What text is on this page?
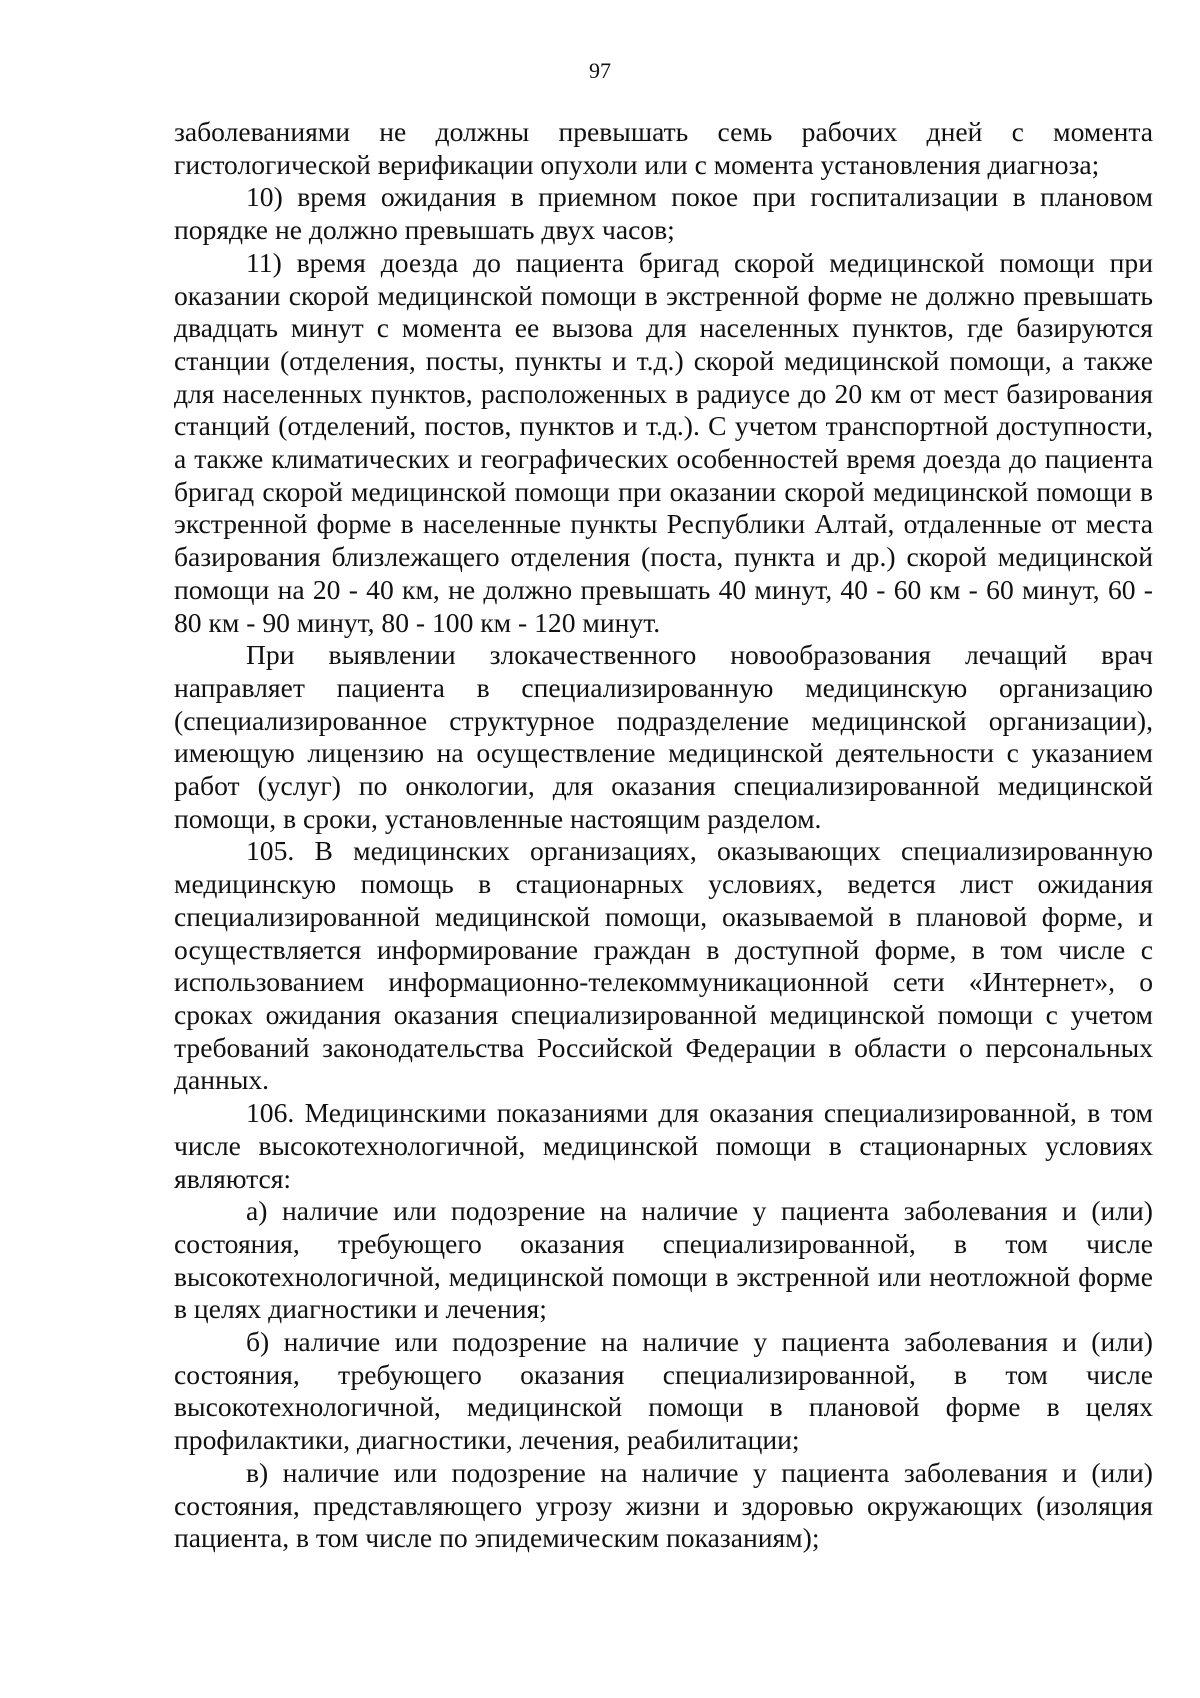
97

заболеваниями не должны превышать семь рабочих дней с момента гистологической верификации опухоли или с момента установления диагноза;

10) время ожидания в приемном покое при госпитализации в плановом порядке не должно превышать двух часов;

11) время доезда до пациента бригад скорой медицинской помощи при оказании скорой медицинской помощи в экстренной форме не должно превышать двадцать минут с момента ее вызова для населенных пунктов, где базируются станции (отделения, посты, пункты и т.д.) скорой медицинской помощи, а также для населенных пунктов, расположенных в радиусе до 20 км от мест базирования станций (отделений, постов, пунктов и т.д.). С учетом транспортной доступности, а также климатических и географических особенностей время доезда до пациента бригад скорой медицинской помощи при оказании скорой медицинской помощи в экстренной форме в населенные пункты Республики Алтай, отдаленные от места базирования близлежащего отделения (поста, пункта и др.) скорой медицинской помощи на 20 - 40 км, не должно превышать 40 минут, 40 - 60 км - 60 минут, 60 - 80 км - 90 минут, 80 - 100 км - 120 минут.

При выявлении злокачественного новообразования лечащий врач направляет пациента в специализированную медицинскую организацию (специализированное структурное подразделение медицинской организации), имеющую лицензию на осуществление медицинской деятельности с указанием работ (услуг) по онкологии, для оказания специализированной медицинской помощи, в сроки, установленные настоящим разделом.

105. В медицинских организациях, оказывающих специализированную медицинскую помощь в стационарных условиях, ведется лист ожидания специализированной медицинской помощи, оказываемой в плановой форме, и осуществляется информирование граждан в доступной форме, в том числе с использованием информационно-телекоммуникационной сети «Интернет», о сроках ожидания оказания специализированной медицинской помощи с учетом требований законодательства Российской Федерации в области о персональных данных.

106. Медицинскими показаниями для оказания специализированной, в том числе высокотехнологичной, медицинской помощи в стационарных условиях являются:

а) наличие или подозрение на наличие у пациента заболевания и (или) состояния, требующего оказания специализированной, в том числе высокотехнологичной, медицинской помощи в экстренной или неотложной форме в целях диагностики и лечения;

б) наличие или подозрение на наличие у пациента заболевания и (или) состояния, требующего оказания специализированной, в том числе высокотехнологичной, медицинской помощи в плановой форме в целях профилактики, диагностики, лечения, реабилитации;

в) наличие или подозрение на наличие у пациента заболевания и (или) состояния, представляющего угрозу жизни и здоровью окружающих (изоляция пациента, в том числе по эпидемическим показаниям);
